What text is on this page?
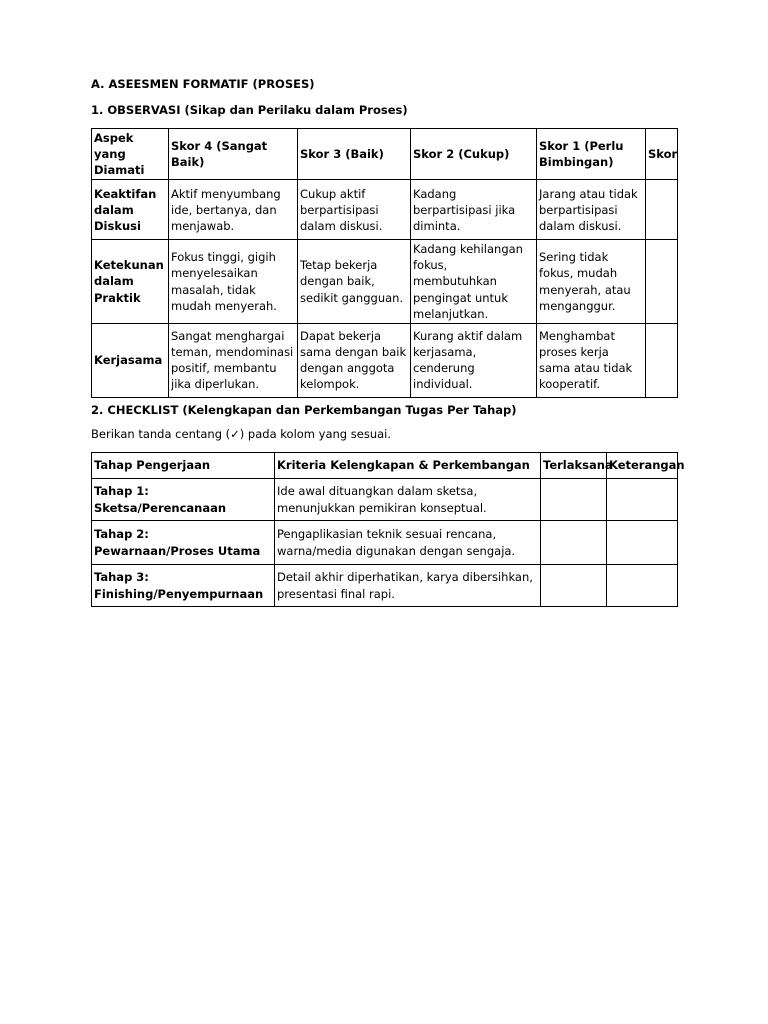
A. ASEESMEN FORMATIF (PROSES)

1. OBSERVASI (Sikap dan Perilaku dalam Proses)

Aspek yang Diamati	Skor 4 (Sangat Baik)	Skor 3 (Baik)	Skor 2 (Cukup)	Skor 1 (Perlu Bimbingan)	Skor
Keaktifan dalam Diskusi	Aktif menyumbang ide, bertanya, dan menjawab.	Cukup aktif berpartisipasi dalam diskusi.	Kadang berpartisipasi jika diminta.	Jarang atau tidak berpartisipasi dalam diskusi.	
Ketekunan dalam Praktik	Fokus tinggi, gigih menyelesaikan masalah, tidak mudah menyerah.	Tetap bekerja dengan baik, sedikit gangguan.	Kadang kehilangan fokus, membutuhkan pengingat untuk melanjutkan.	Sering tidak fokus, mudah menyerah, atau menganggur.	
Kerjasama	Sangat menghargai teman, mendominasi positif, membantu jika diperlukan.	Dapat bekerja sama dengan baik dengan anggota kelompok.	Kurang aktif dalam kerjasama, cenderung individual.	Menghambat proses kerja sama atau tidak kooperatif.	

2. CHECKLIST (Kelengkapan dan Perkembangan Tugas Per Tahap)

Berikan tanda centang (✓) pada kolom yang sesuai.

Tahap Pengerjaan	Kriteria Kelengkapan & Perkembangan	Terlaksana	Keterangan
Tahap 1: Sketsa/Perencanaan	Ide awal dituangkan dalam sketsa, menunjukkan pemikiran konseptual.		
Tahap 2: Pewarnaan/Proses Utama	Pengaplikasian teknik sesuai rencana, warna/media digunakan dengan sengaja.		
Tahap 3: Finishing/Penyempurnaan	Detail akhir diperhatikan, karya dibersihkan, presentasi final rapi.		
